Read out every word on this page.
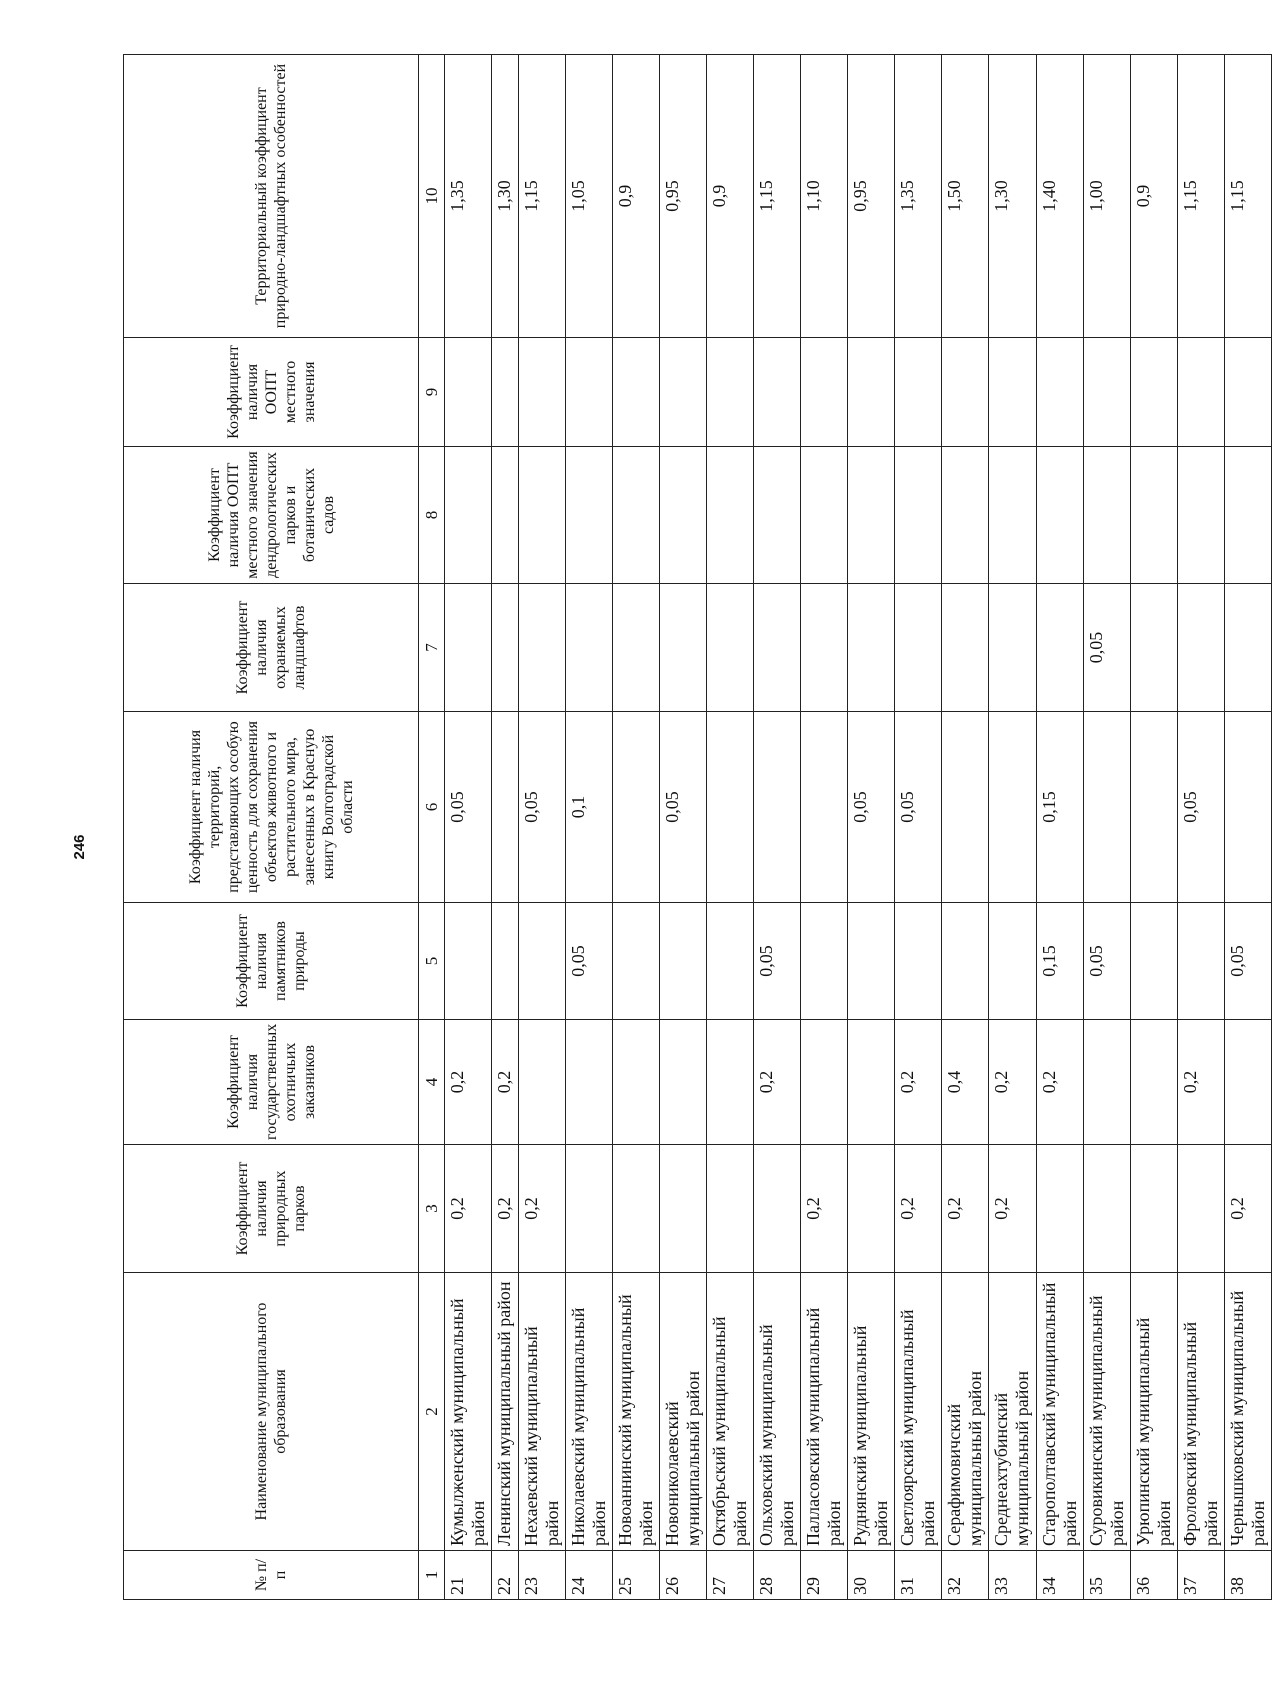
246
№ п/п	Наименование муниципального образования	Коэффициент наличия природных парков	Коэффициент наличия государственных охотничьих заказников	Коэффициент наличия памятников природы	Коэффициент наличия территорий, представляющих особую ценность для сохранения объектов животного и растительного мира, занесенных в Красную книгу Волгоградской области	Коэффициент наличия охраняемых ландшафтов	Коэффициент наличия ООПТ местного значения дендрологических парков и ботанических садов	Коэффициент наличия ООПТ местного значения	Территориальный коэффициент природно-ландшафтных особенностей
1	2	3	4	5	6	7	8	9	10
21	Кумылженский муниципальный район	0,2	0,2		0,05				1,35
22	Ленинский муниципальный район	0,2	0,2						1,30
23	Нехаевский муниципальный район	0,2			0,05				1,15
24	Николаевский муниципальный район			0,05	0,1				1,05
25	Новоаннинский муниципальный район								0,9
26	Новониколаевский муниципальный район				0,05				0,95
27	Октябрьский муниципальный район								0,9
28	Ольховский муниципальный район		0,2	0,05					1,15
29	Палласовский муниципальный район	0,2							1,10
30	Руднянский муниципальный район				0,05				0,95
31	Светлоярский муниципальный район	0,2	0,2		0,05				1,35
32	Серафимовичский муниципальный район	0,2	0,4						1,50
33	Среднеахтубинский муниципальный район	0,2	0,2						1,30
34	Старополтавский муниципальный район		0,2	0,15	0,15				1,40
35	Суровикинский муниципальный район			0,05		0,05			1,00
36	Урюпинский муниципальный район								0,9
37	Фроловский муниципальный район		0,2		0,05				1,15
38	Чернышковский муниципальный район	0,2		0,05					1,15
